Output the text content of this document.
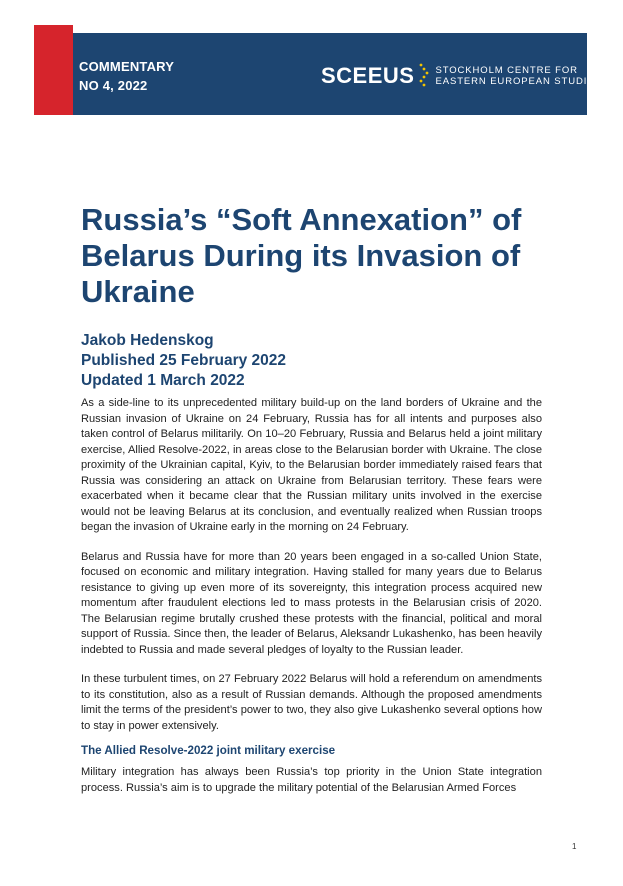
COMMENTARY
NO 4, 2022	SCEEUS STOCKHOLM CENTRE FOR
EASTERN EUROPEAN STUDIES
Russia’s “Soft Annexation” of Belarus During its Invasion of Ukraine
Jakob Hedenskog
Published 25 February 2022
Updated 1 March 2022

As a side-line to its unprecedented military build-up on the land borders of Ukraine and the Russian invasion of Ukraine on 24 February, Russia has for all intents and purposes also taken control of Belarus militarily. On 10–20 February, Russia and Belarus held a joint military exercise, Allied Resolve-2022, in areas close to the Belarusian border with Ukraine. The close proximity of the Ukrainian capital, Kyiv, to the Belarusian border immediately raised fears that Russia was considering an attack on Ukraine from Belarusian territory. These fears were exacerbated when it became clear that the Russian military units involved in the exercise would not be leaving Belarus at its conclusion, and eventually realized when Russian troops began the invasion of Ukraine early in the morning on 24 February.

Belarus and Russia have for more than 20 years been engaged in a so-called Union State, focused on economic and military integration. Having stalled for many years due to Belarus resistance to giving up even more of its sovereignty, this integration process acquired new momentum after fraudulent elections led to mass protests in the Belarusian crisis of 2020. The Belarusian regime brutally crushed these protests with the financial, political and moral support of Russia. Since then, the leader of Belarus, Aleksandr Lukashenko, has been heavily indebted to Russia and made several pledges of loyalty to the Russian leader.

In these turbulent times, on 27 February 2022 Belarus will hold a referendum on amendments to its constitution, also as a result of Russian demands. Although the proposed amendments limit the terms of the president’s power to two, they also give Lukashenko several options how to stay in power extensively.

The Allied Resolve-2022 joint military exercise

Military integration has always been Russia’s top priority in the Union State integration process. Russia’s aim is to upgrade the military potential of the Belarusian Armed Forces

1
